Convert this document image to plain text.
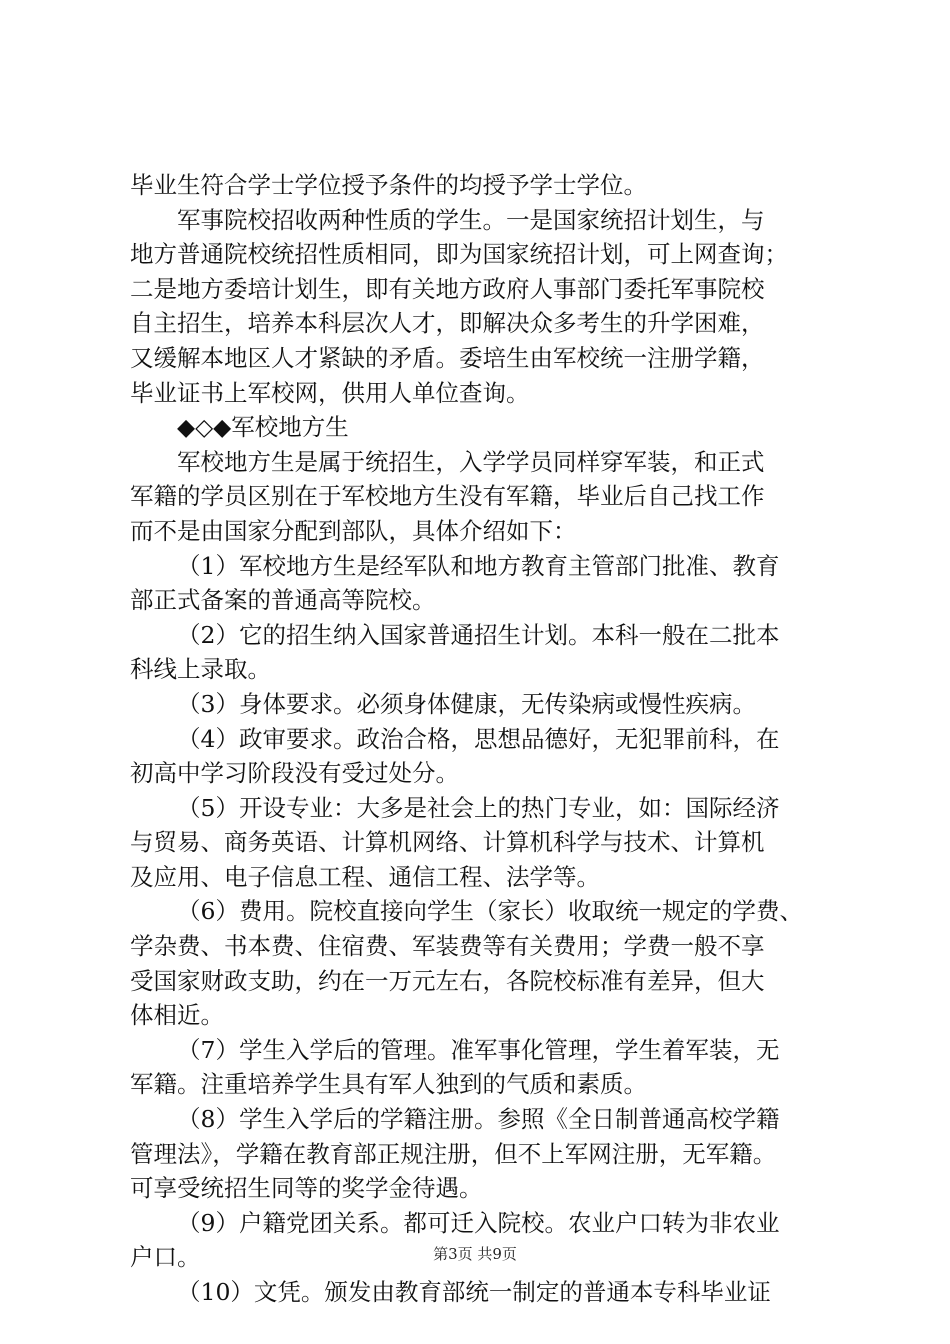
毕业生符合学士学位授予条件的均授予学士学位。
军事院校招收两种性质的学生。一是国家统招计划生，与
地方普通院校统招性质相同，即为国家统招计划，可上网查询；
二是地方委培计划生，即有关地方政府人事部门委托军事院校
自主招生，培养本科层次人才，即解决众多考生的升学困难，
又缓解本地区人才紧缺的矛盾。委培生由军校统一注册学籍，
毕业证书上军校网，供用人单位查询。
◆◇◆军校地方生
军校地方生是属于统招生，入学学员同样穿军装，和正式
军籍的学员区别在于军校地方生没有军籍，毕业后自己找工作
而不是由国家分配到部队，具体介绍如下：
（1）军校地方生是经军队和地方教育主管部门批准、教育
部正式备案的普通高等院校。
（2）它的招生纳入国家普通招生计划。本科一般在二批本
科线上录取。
（3）身体要求。必须身体健康，无传染病或慢性疾病。
（4）政审要求。政治合格，思想品德好，无犯罪前科，在
初高中学习阶段没有受过处分。
（5）开设专业：大多是社会上的热门专业，如：国际经济
与贸易、商务英语、计算机网络、计算机科学与技术、计算机
及应用、电子信息工程、通信工程、法学等。
（6）费用。院校直接向学生（家长）收取统一规定的学费、
学杂费、书本费、住宿费、军装费等有关费用；学费一般不享
受国家财政支助，约在一万元左右，各院校标准有差异，但大
体相近。
（7）学生入学后的管理。准军事化管理，学生着军装，无
军籍。注重培养学生具有军人独到的气质和素质。
（8）学生入学后的学籍注册。参照《全日制普通高校学籍
管理法》，学籍在教育部正规注册，但不上军网注册，无军籍。
可享受统招生同等的奖学金待遇。
（9）户籍党团关系。都可迁入院校。农业户口转为非农业
户口。
（10）文凭。颁发由教育部统一制定的普通本专科毕业证
第3页 共9页
